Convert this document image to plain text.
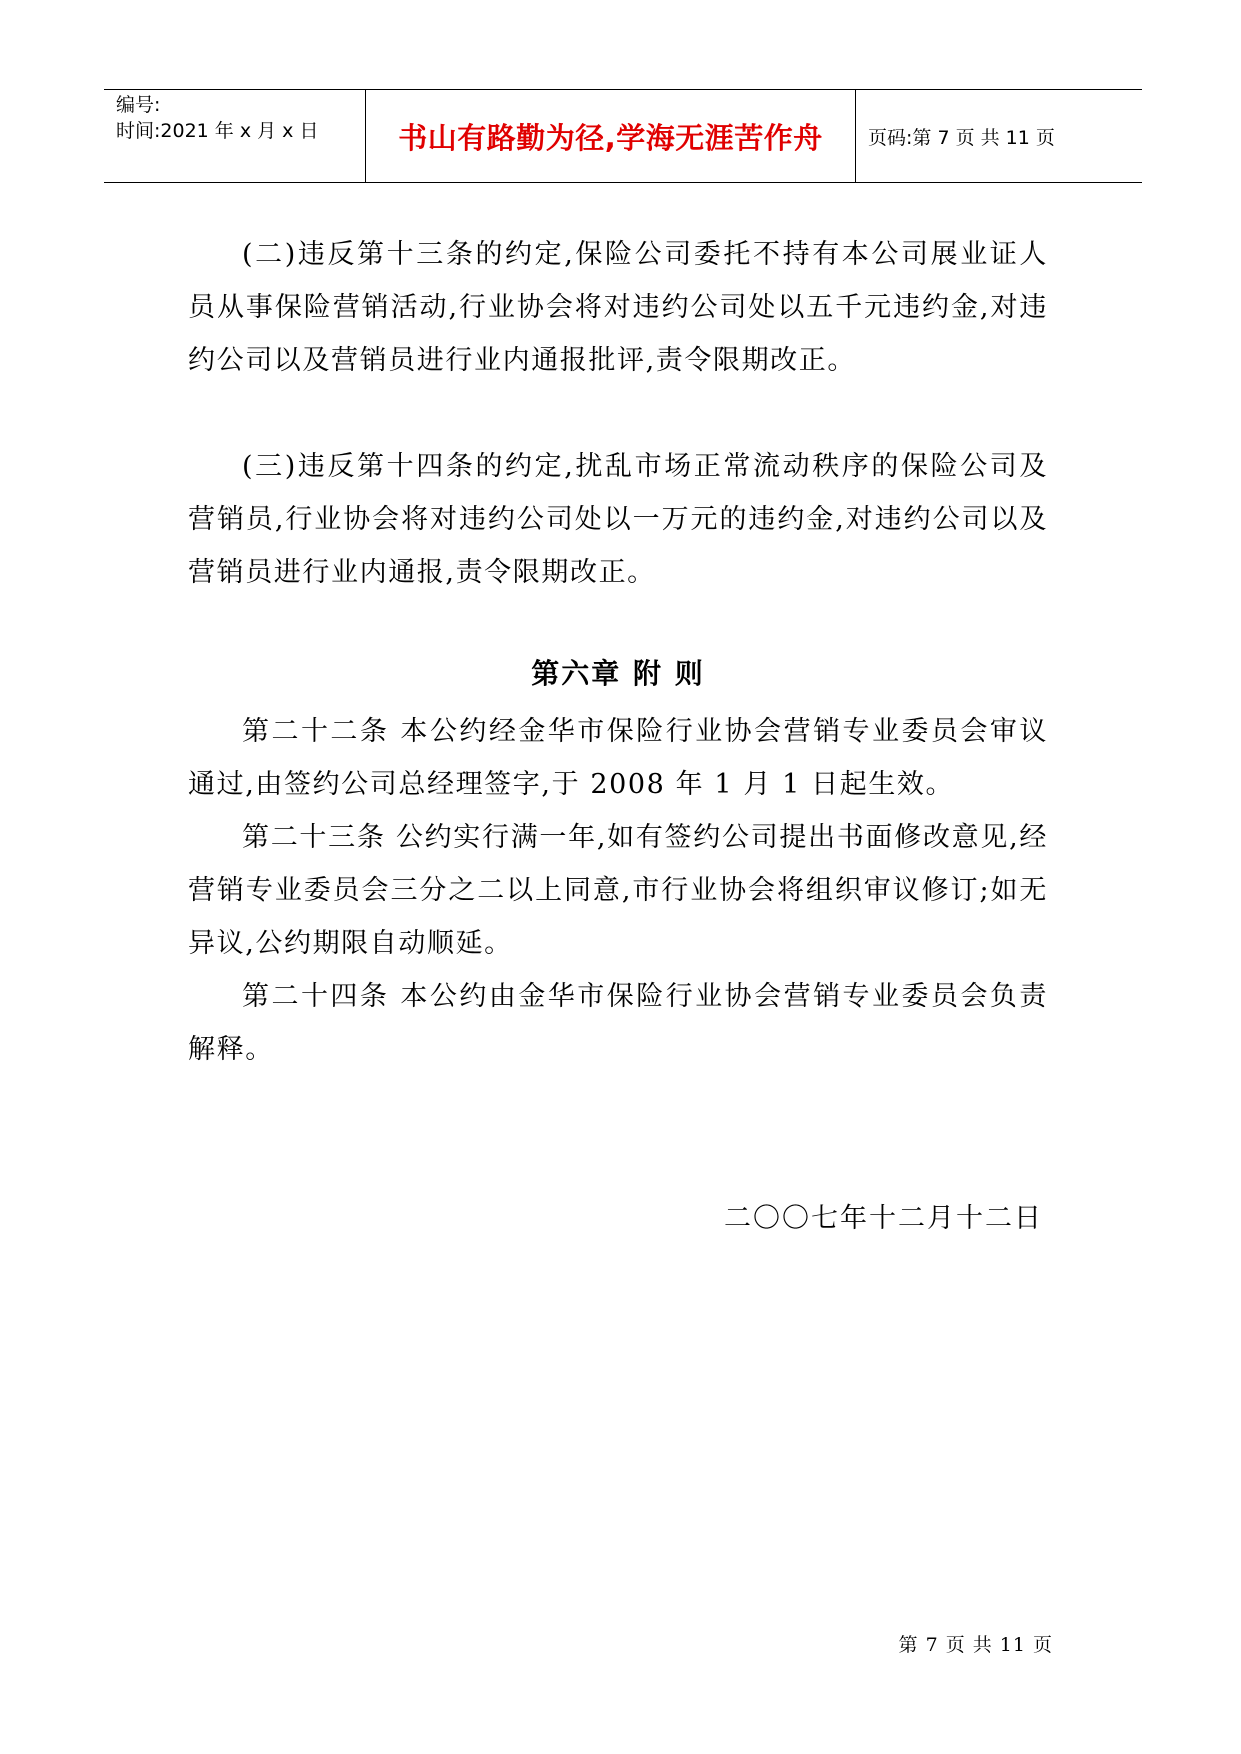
编号:
时间:2021 年 x 月 x 日	书山有路勤为径,学海无涯苦作舟	页码:第 7 页 共 11 页

(二)违反第十三条的约定,保险公司委托不持有本公司展业证人员从事保险营销活动,行业协会将对违约公司处以五千元违约金,对违约公司以及营销员进行业内通报批评,责令限期改正。

(三)违反第十四条的约定,扰乱市场正常流动秩序的保险公司及营销员,行业协会将对违约公司处以一万元的违约金,对违约公司以及营销员进行业内通报,责令限期改正。

第六章 附 则

第二十二条 本公约经金华市保险行业协会营销专业委员会审议通过,由签约公司总经理签字,于 2008 年 1 月 1 日起生效。

第二十三条 公约实行满一年,如有签约公司提出书面修改意见,经营销专业委员会三分之二以上同意,市行业协会将组织审议修订;如无异议,公约期限自动顺延。

第二十四条 本公约由金华市保险行业协会营销专业委员会负责解释。

二〇〇七年十二月十二日

第 7 页 共 11 页
